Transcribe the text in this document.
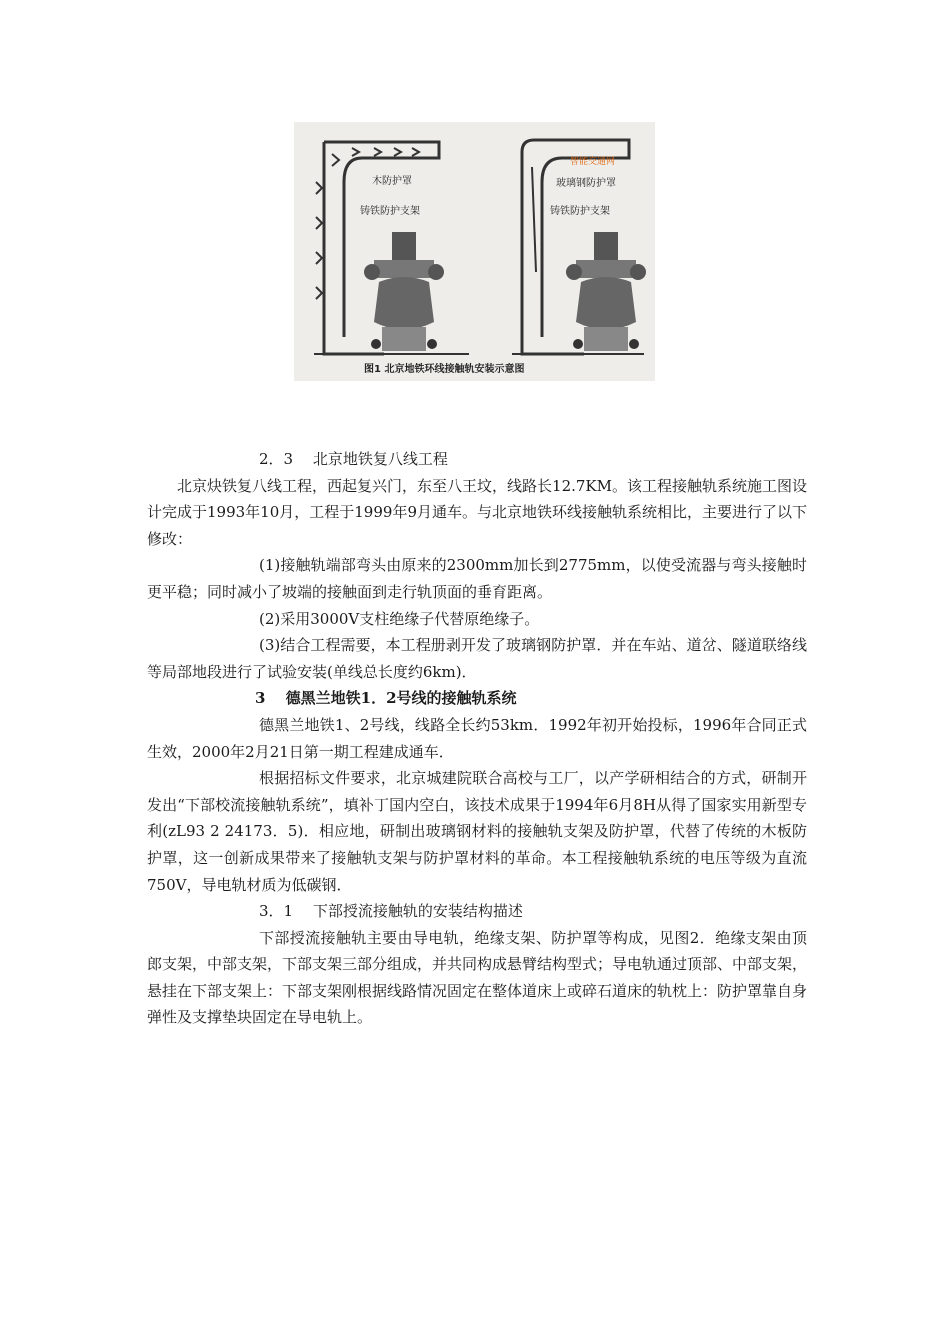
木防护罩
铸铁防护支架
玻璃钢防护罩
铸铁防护支架
智能交通网
图1 北京地铁环线接触轨安装示意图

2．3　 北京地铁复八线工程

北京炔铁复八线工程，西起复兴门，东至八王坟，线路长12.7KM。该工程接触轨系统施工图设计完成于1993年10月，工程于1999年9月通车。与北京地铁环线接触轨系统相比，主要进行了以下修改：

(1)接触轨端部弯头由原来的2300mm加长到2775mm，以使受流器与弯头接触时更平稳；同时减小了坡端的接触面到走行轨顶面的垂育距离。

(2)采用3000V支柱绝缘子代替原绝缘子。

(3)结合工程需要，本工程册剥开发了玻璃钢防护罩．并在车站、道岔、隧道联络线等局部地段进行了试验安装(单线总长度约6km)．

3　 德黑兰地铁1．2号线的接触轨系统

德黑兰地铁1、2号线，线路全长约53km．1992年初开始投标，1996年合同正式生效，2000年2月21日第一期工程建成通车．

根据招标文件要求，北京城建院联合高校与工厂，以产学研相结合的方式，研制开发出“下部校流接触轨系统”，填补丁国内空白，该技术成果于1994年6月8H从得了国家实用新型专利(zL93 2 24173．5)．相应地，研制出玻璃钢材料的接触轨支架及防护罩，代替了传统的木板防护罩，这一创新成果带来了接触轨支架与防护罩材料的革命。本工程接触轨系统的电压等级为直流750V，导电轨材质为低碳钢．

3．1　 下部授流接触轨的安装结构描述

下部授流接触轨主要由导电轨，绝缘支架、防护罩等构成，见图2．绝缘支架由顶郎支架，中部支架，下部支架三部分组成，并共同构成悬臂结构型式；导电轨通过顶部、中部支架，悬挂在下部支架上：下部支架刚根据线路情况固定在整体道床上或碎石道床的轨枕上：防护罩靠自身弹性及支撑垫块固定在导电轨上。
